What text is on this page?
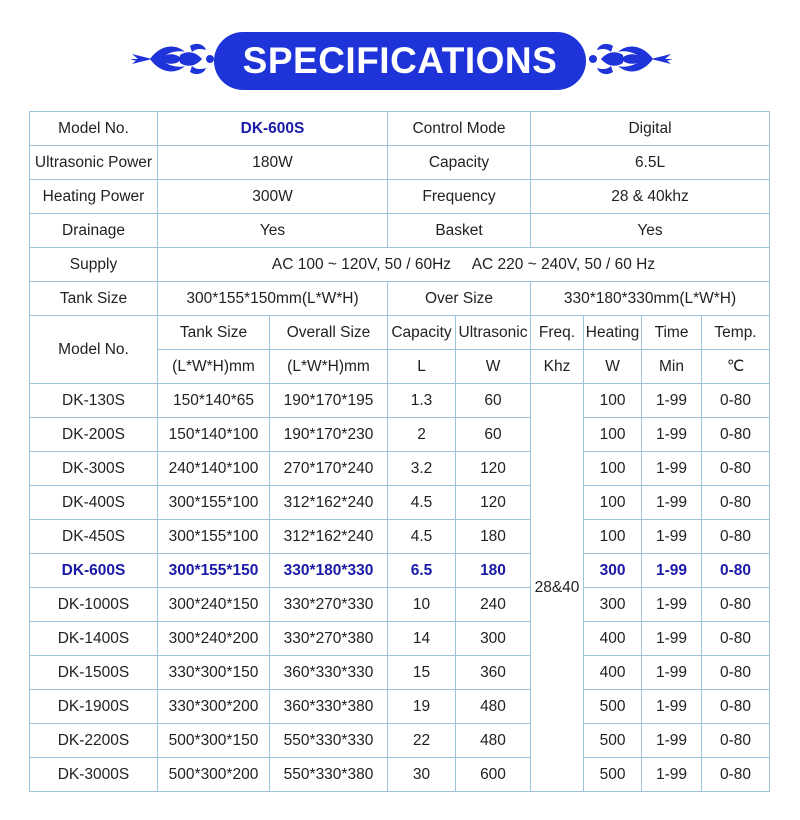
SPECIFICATIONS
Model No.	DK-600S		Control Mode		Digital			
Ultrasonic Power	180W		Capacity		6.5L			
Heating Power	300W		Frequency		28 & 40khz			
Drainage	Yes		Basket		Yes			
Supply	AC 100 ~ 120V, 50 / 60Hz     AC 220 ~ 240V, 50 / 60 Hz							
Tank Size	300*155*150mm(L*W*H)		Over Size		330*180*330mm(L*W*H)			
Model No.	Tank Size	Overall Size	Capacity	Ultrasonic	Freq.	Heating	Time	Temp.
	(L*W*H)mm	(L*W*H)mm	L	W	Khz	W	Min	℃
DK-130S	150*140*65	190*170*195	1.3	60	28&40	100	1-99	0-80
DK-200S	150*140*100	190*170*230	2	60		100	1-99	0-80
DK-300S	240*140*100	270*170*240	3.2	120		100	1-99	0-80
DK-400S	300*155*100	312*162*240	4.5	120		100	1-99	0-80
DK-450S	300*155*100	312*162*240	4.5	180		100	1-99	0-80
DK-600S	300*155*150	330*180*330	6.5	180		300	1-99	0-80
DK-1000S	300*240*150	330*270*330	10	240		300	1-99	0-80
DK-1400S	300*240*200	330*270*380	14	300		400	1-99	0-80
DK-1500S	330*300*150	360*330*330	15	360		400	1-99	0-80
DK-1900S	330*300*200	360*330*380	19	480		500	1-99	0-80
DK-2200S	500*300*150	550*330*330	22	480		500	1-99	0-80
DK-3000S	500*300*200	550*330*380	30	600		500	1-99	0-80
